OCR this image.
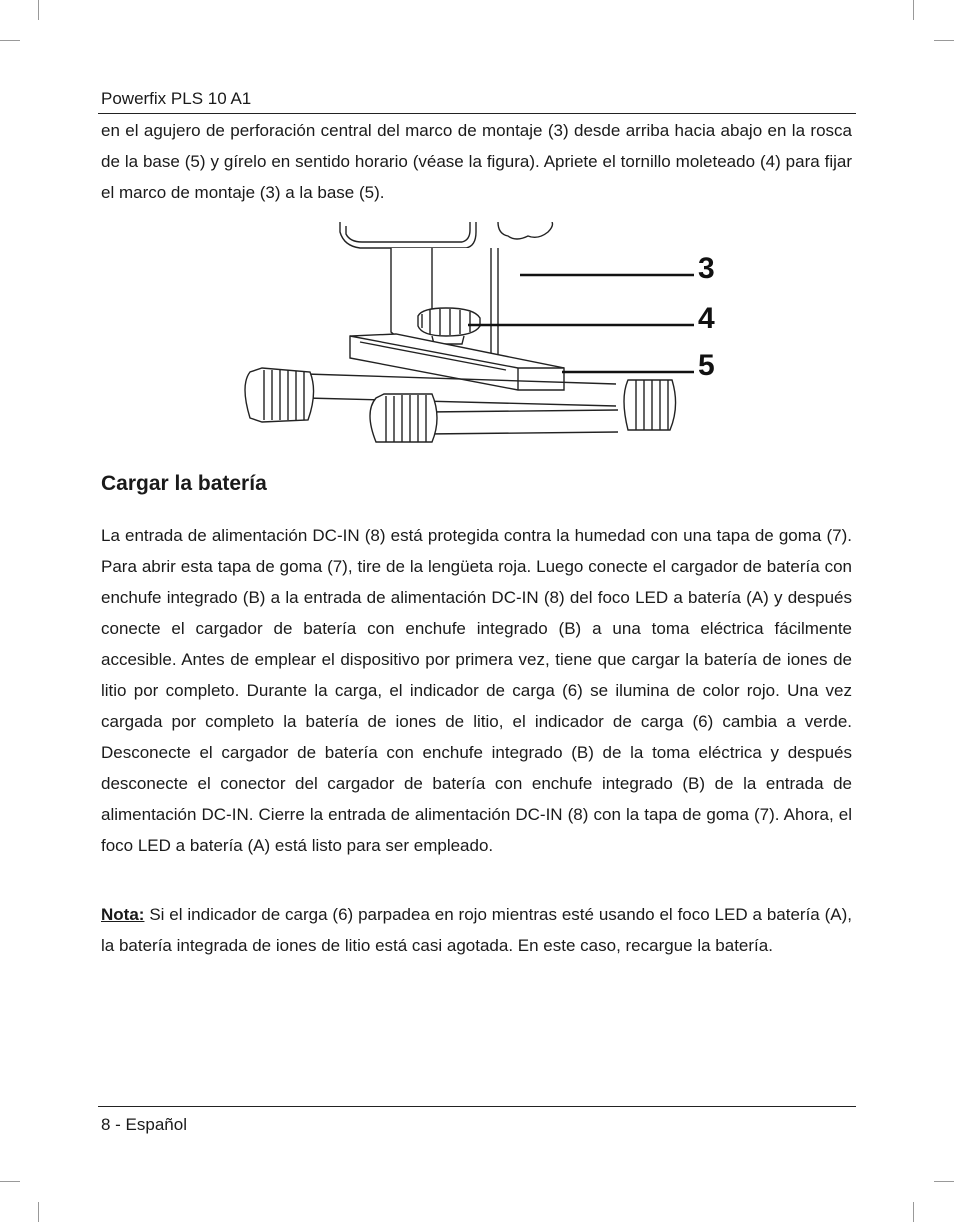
Powerfix PLS 10 A1

en el agujero de perforación central del marco de montaje (3) desde arriba hacia abajo en la rosca de la base (5) y gírelo en sentido horario (véase la figura). Apriete el tornillo moleteado (4) para fijar el marco de montaje (3) a la base (5).

3
4
5
Cargar la batería

La entrada de alimentación DC-IN (8) está protegida contra la humedad con una tapa de goma (7). Para abrir esta tapa de goma (7), tire de la lengüeta roja. Luego conecte el cargador de batería con enchufe integrado (B) a la entrada de alimentación DC-IN (8) del foco LED a batería (A) y después conecte el cargador de batería con enchufe integrado (B) a una toma eléctrica fácilmente accesible. Antes de emplear el dispositivo por primera vez, tiene que cargar la batería de iones de litio por completo. Durante la carga, el indicador de carga (6) se ilumina de color rojo. Una vez cargada por completo la batería de iones de litio, el indicador de carga (6) cambia a verde. Desconecte el cargador de batería con enchufe integrado (B) de la toma eléctrica y después desconecte el conector del cargador de batería con enchufe integrado (B) de la entrada de alimentación DC-IN. Cierre la entrada de alimentación DC-IN (8) con la tapa de goma (7). Ahora, el foco LED a batería (A) está listo para ser empleado.

Nota: Si el indicador de carga (6) parpadea en rojo mientras esté usando el foco LED a batería (A), la batería integrada de iones de litio está casi agotada. En este caso, recargue la batería.

8 - Español
